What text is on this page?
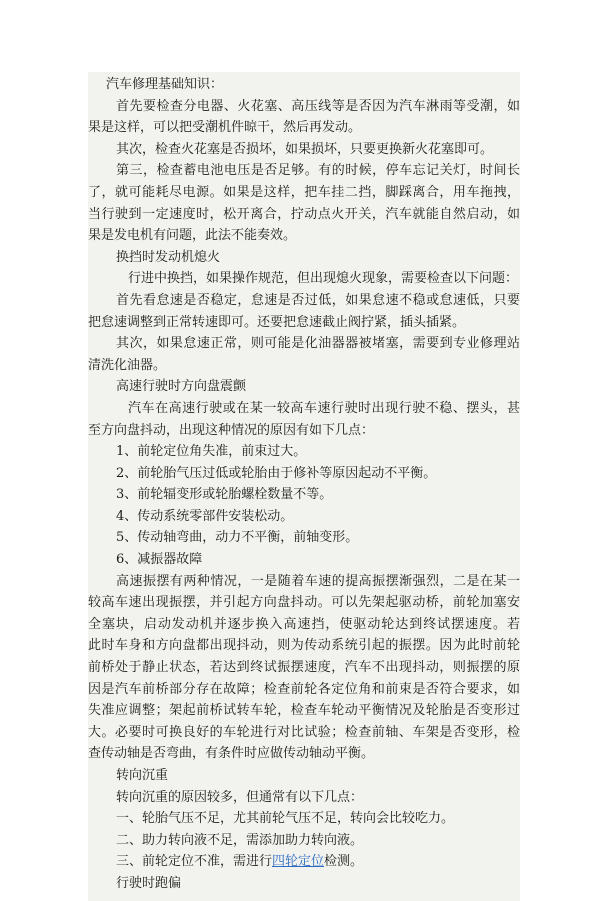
汽车修理基础知识：
首先要检查分电器、火花塞、高压线等是否因为汽车淋雨等受潮，如
果是这样，可以把受潮机件晾干，然后再发动。
其次，检查火花塞是否损坏，如果损坏，只要更换新火花塞即可。
第三，检查蓄电池电压是否足够。有的时候，停车忘记关灯，时间长
了，就可能耗尽电源。如果是这样，把车挂二挡，脚踩离合，用车拖拽，
当行驶到一定速度时，松开离合，拧动点火开关，汽车就能自然启动，如
果是发电机有问题，此法不能奏效。
换挡时发动机熄火
行进中换挡，如果操作规范，但出现熄火现象，需要检查以下问题：
首先看怠速是否稳定，怠速是否过低，如果怠速不稳或怠速低，只要
把怠速调整到正常转速即可。还要把怠速截止阀拧紧，插头插紧。
其次，如果怠速正常，则可能是化油器器被堵塞，需要到专业修理站
清洗化油器。
高速行驶时方向盘震颤
汽车在高速行驶或在某一较高车速行驶时出现行驶不稳、摆头，甚
至方向盘抖动，出现这种情况的原因有如下几点：
1、前轮定位角失准，前束过大。
2、前轮胎气压过低或轮胎由于修补等原因起动不平衡。
3、前轮辐变形或轮胎螺栓数量不等。
4、传动系统零部件安装松动。
5、传动轴弯曲，动力不平衡，前轴变形。
6、减振器故障
高速振摆有两种情况，一是随着车速的提高振摆渐强烈，二是在某一
较高车速出现振摆，并引起方向盘抖动。可以先架起驱动桥，前轮加塞安
全塞块，启动发动机并逐步换入高速挡，使驱动轮达到终试摆速度。若
此时车身和方向盘都出现抖动，则为传动系统引起的振摆。因为此时前轮
前桥处于静止状态，若达到终试振摆速度，汽车不出现抖动，则振摆的原
因是汽车前桥部分存在故障；检查前轮各定位角和前束是否符合要求，如
失准应调整；架起前桥试转车轮，检查车轮动平衡情况及轮胎是否变形过
大。必要时可换良好的车轮进行对比试验；检查前轴、车架是否变形，检
查传动轴是否弯曲，有条件时应做传动轴动平衡。
转向沉重
转向沉重的原因较多，但通常有以下几点：
一、轮胎气压不足，尤其前轮气压不足，转向会比较吃力。
二、助力转向液不足，需添加助力转向液。
三、前轮定位不准，需进行四轮定位检测。
行驶时跑偏
